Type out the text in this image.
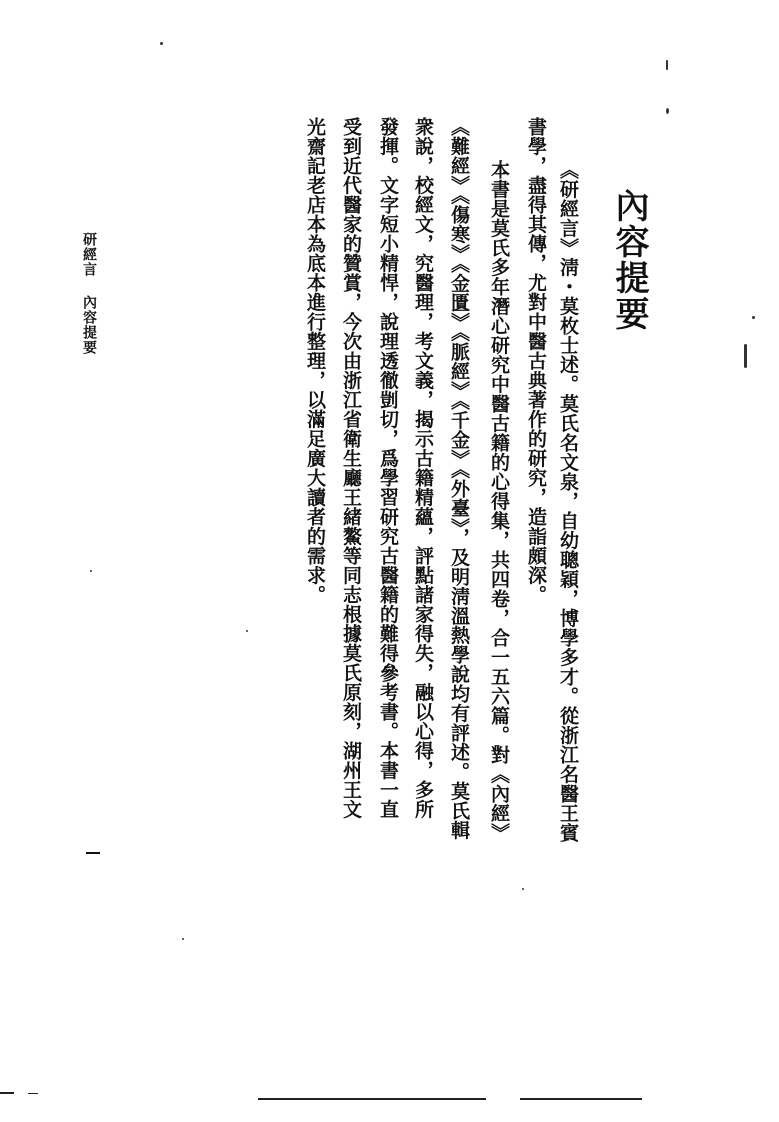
內容提要

《研經言》淸・莫枚士述。莫氏名文泉，自幼聰穎，博學多才。從浙江名醫王賓

書學，盡得其傳，尤對中醫古典著作的研究，造詣頗深。

本書是莫氏多年潛心研究中醫古籍的心得集，共四卷，合一五六篇。對《內經》

《難經》《傷寒》《金匱》《脈經》《千金》《外臺》，及明淸溫熱學說均有評述。莫氏輯

衆說，校經文，究醫理，考文義，揭示古籍精蘊，評點諸家得失，融以心得，多所

發揮。文字短小精悍，說理透徹剴切，爲學習研究古醫籍的難得參考書。本書一直

受到近代醫家的贊賞，今次由浙江省衛生廳王緒鰲等同志根據莫氏原刻，湖州王文

光齋記老店本為底本進行整理，以滿足廣大讀者的需求。

研經言內容提要
